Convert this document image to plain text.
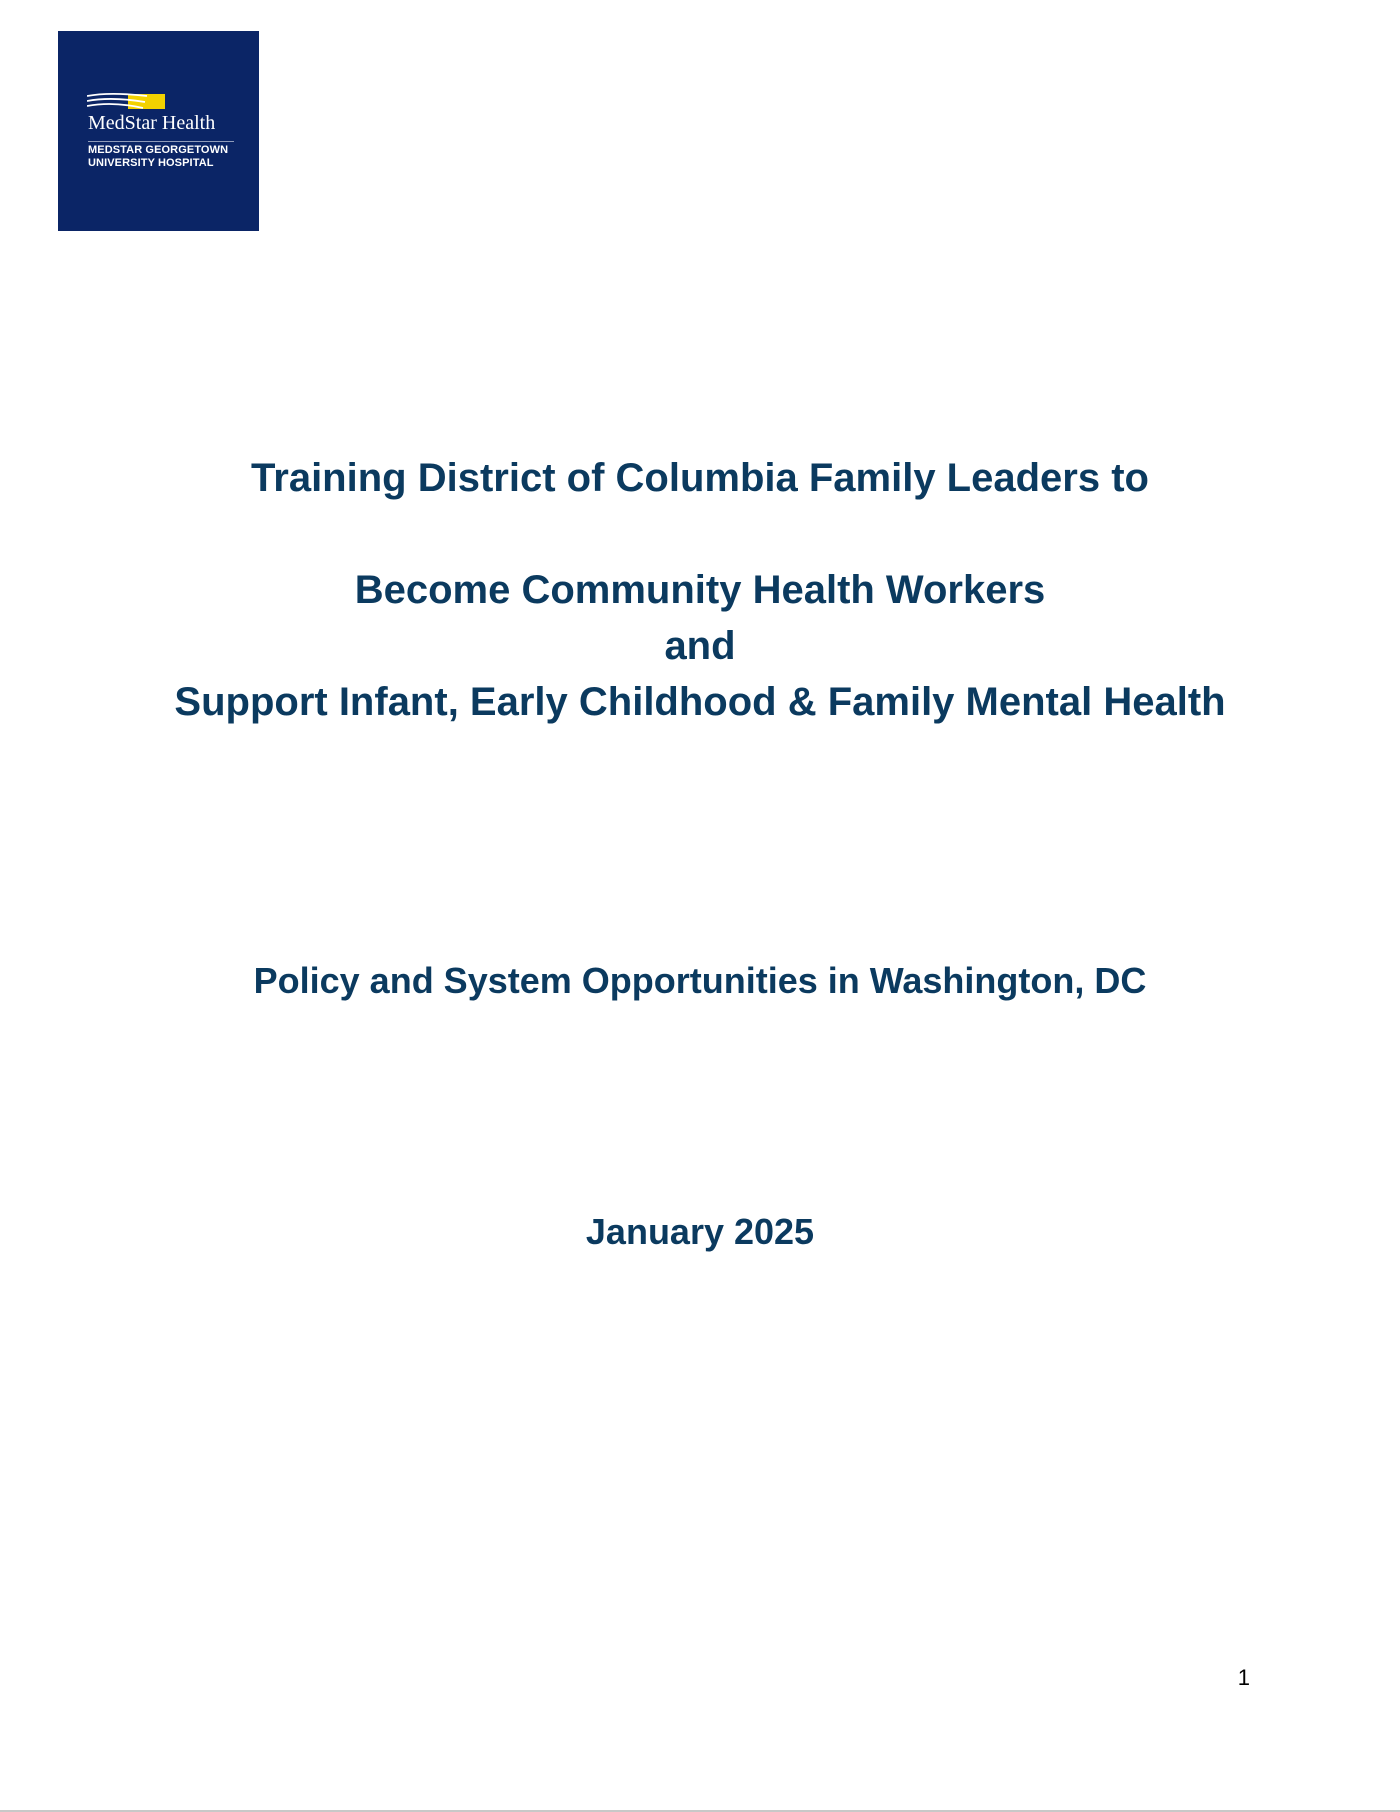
MedStar Health
MEDSTAR GEORGETOWN
UNIVERSITY HOSPITAL
Training District of Columbia Family Leaders to
Become Community Health Workers
and
Support Infant, Early Childhood & Family Mental Health
Policy and System Opportunities in Washington, DC
January 2025
1
